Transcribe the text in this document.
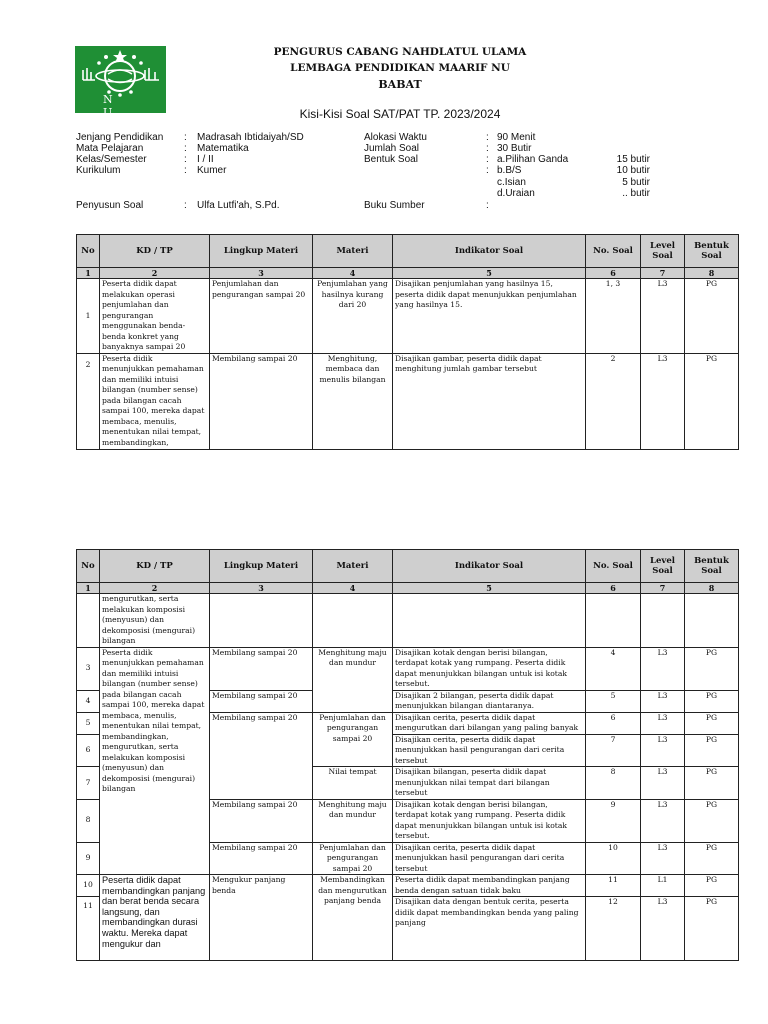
N U
PENGURUS CABANG NAHDLATUL ULAMA
LEMBAGA PENDIDIKAN MAARIF NU
BABAT
Kisi-Kisi Soal SAT/PAT TP. 2023/2024
Jenjang Pendidikan : Madrasah Ibtidaiyah/SD
Mata Pelajaran	: Matematika
Kelas/Semester	: I / II
Kurikulum	: Kumer
Penyusun Soal	: Ulfa Lutfi'ah, S.Pd.
Alokasi Waktu	: 90 Menit
Jumlah Soal	: 30 Butir
Bentuk Soal	: a.Pilihan Ganda	15 butir
: b.B/S	10 butir
c.Isian	5 butir
d.Uraian	.. butir
Buku Sumber	:
No	KD / TP	Lingkup Materi	Materi	Indikator Soal	No. Soal	Level Soal	Bentuk Soal
1	2	3	4	5	6	7	8
1	Peserta didik dapat melakukan operasi penjumlahan dan pengurangan menggunakan benda-benda konkret yang banyaknya sampai 20	Penjumlahan dan pengurangan sampai 20	Penjumlahan yang hasilnya kurang dari 20	Disajikan penjumlahan yang hasilnya 15, peserta didik dapat menunjukkan penjumlahan yang hasilnya 15.	1, 3	L3	PG
2	Peserta didik menunjukkan pemahaman dan memiliki intuisi bilangan (number sense) pada bilangan cacah sampai 100, mereka dapat membaca, menulis, menentukan nilai tempat, membandingkan,	Membilang sampai 20	Menghitung, membaca dan menulis bilangan	Disajikan gambar, peserta didik dapat menghitung jumlah gambar tersebut	2	L3	PG
No	KD / TP	Lingkup Materi	Materi	Indikator Soal	No. Soal	Level Soal	Bentuk Soal
1	2	3	4	5	6	7	8
	mengurutkan, serta melakukan komposisi (menyusun) dan dekomposisi (mengurai) bilangan						
3	Peserta didik menunjukkan pemahaman dan memiliki intuisi bilangan (number sense) pada bilangan cacah sampai 100, mereka dapat membaca, menulis, menentukan nilai tempat, membandingkan, mengurutkan, serta melakukan komposisi (menyusun) dan dekomposisi (mengurai) bilangan	Membilang sampai 20	Menghitung maju dan mundur	Disajikan kotak dengan berisi bilangan, terdapat kotak yang rumpang. Peserta didik dapat menunjukkan bilangan untuk isi kotak tersebut.	4	L3	PG
4		Membilang sampai 20		Disajikan 2 bilangan, peserta didik dapat menunjukkan bilangan diantaranya.	5	L3	PG
5		Membilang sampai 20	Penjumlahan dan pengurangan sampai 20	Disajikan cerita, peserta didik dapat mengurutkan dari bilangan yang paling banyak	6	L3	PG
6				Disajikan cerita, peserta didik dapat menunjukkan hasil pengurangan dari cerita tersebut	7	L3	PG
7			Nilai tempat	Disajikan bilangan, peserta didik dapat menunjukkan nilai tempat dari bilangan tersebut	8	L3	PG
8		Membilang sampai 20	Menghitung maju dan mundur	Disajikan kotak dengan berisi bilangan, terdapat kotak yang rumpang. Peserta didik dapat menunjukkan bilangan untuk isi kotak tersebut.	9	L3	PG
9		Membilang sampai 20	Penjumlahan dan pengurangan sampai 20	Disajikan cerita, peserta didik dapat menunjukkan hasil pengurangan dari cerita tersebut	10	L3	PG
10	Peserta didik dapat membandingkan panjang dan berat benda secara langsung, dan membandingkan durasi waktu. Mereka dapat mengukur dan	Mengukur panjang benda	Membandingkan dan mengurutkan panjang benda	Peserta didik dapat membandingkan panjang benda dengan satuan tidak baku	11	L1	PG
11				Disajikan data dengan bentuk cerita, peserta didik dapat membandingkan benda yang paling panjang	12	L3	PG
